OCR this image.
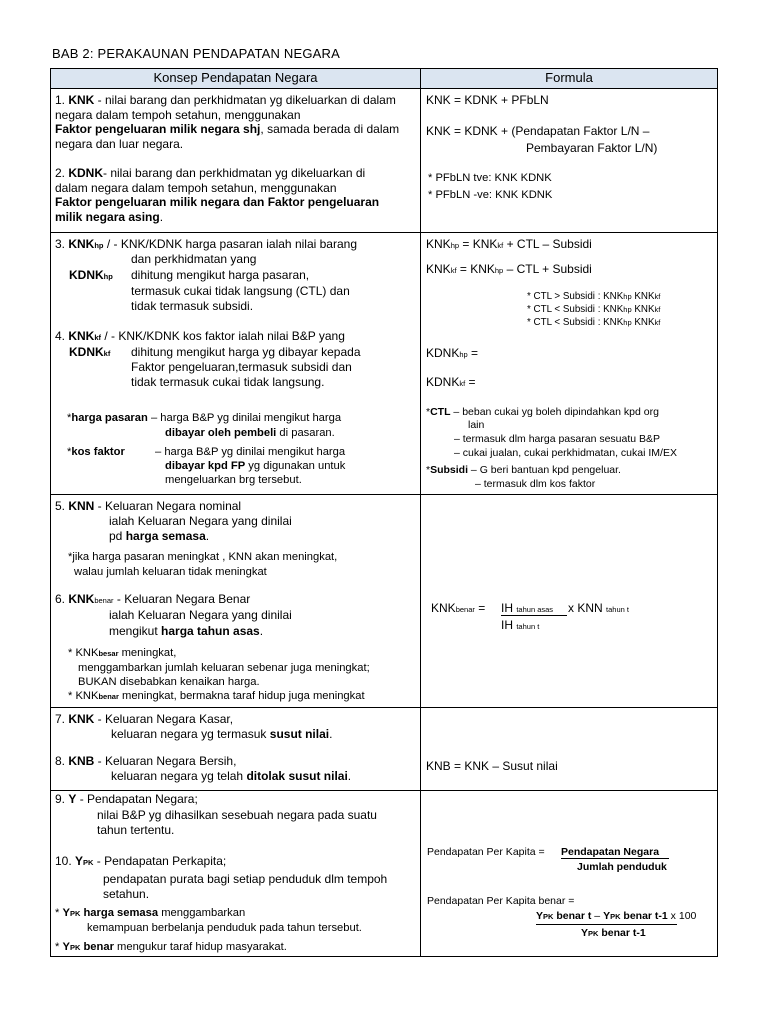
BAB 2: PERAKAUNAN PENDAPATAN NEGARA
Konsep Pendapatan Negara	Formula
1. KNK - nilai barang dan perkhidmatan yg dikeluarkan di dalam
negara dalam tempoh setahun, menggunakan
Faktor pengeluaran milik negara shj, samada berada di dalam
negara dan luar negara.
2. KDNK- nilai barang dan perkhidmatan yg dikeluarkan di
dalam negara dalam tempoh setahun, menggunakan
Faktor pengeluaran milik negara dan Faktor pengeluaran
milik negara asing.
3. KNKhp / - KNK/KDNK harga pasaran ialah nilai barang
dan perkhidmatan yang
KDNKhp dihitung mengikut harga pasaran,
termasuk cukai tidak langsung (CTL) dan
tidak termasuk subsidi.
4. KNKkf / - KNK/KDNK kos faktor ialah nilai B&P yang
KDNKkf dihitung mengikut harga yg dibayar kepada
Faktor pengeluaran,termasuk subsidi dan
tidak termasuk cukai tidak langsung.
*harga pasaran – harga B&P yg dinilai mengikut harga
dibayar oleh pembeli di pasaran.
*kos faktor	– harga B&P yg dinilai mengikut harga
dibayar kpd FP yg digunakan untuk
mengeluarkan brg tersebut.
5. KNN - Keluaran Negara nominal
ialah Keluaran Negara yang dinilai
pd harga semasa.
*jika harga pasaran meningkat , KNN akan meningkat,
walau jumlah keluaran tidak meningkat
6. KNKbenar - Keluaran Negara Benar
ialah Keluaran Negara yang dinilai
mengikut harga tahun asas.
* KNKbesar meningkat,
menggambarkan jumlah keluaran sebenar juga meningkat;
BUKAN disebabkan kenaikan harga.
* KNKbenar meningkat, bermakna taraf hidup juga meningkat
7. KNK - Keluaran Negara Kasar,
keluaran negara yg termasuk susut nilai.
8. KNB - Keluaran Negara Bersih,
keluaran negara yg telah ditolak susut nilai.
9. Y - Pendapatan Negara;
nilai B&P yg dihasilkan sesebuah negara pada suatu
tahun tertentu.
10. YPK - Pendapatan Perkapita;
pendapatan purata bagi setiap penduduk dlm tempoh
setahun.
* YPK harga semasa menggambarkan
kemampuan berbelanja penduduk pada tahun tersebut.
* YPK benar mengukur taraf hidup masyarakat.
KNK = KDNK + PFbLN
KNK = KDNK + (Pendapatan Faktor L/N –
Pembayaran Faktor L/N)
* PFbLN tve: KNK KDNK
* PFbLN -ve: KNK KDNK
KNKhp = KNKkf + CTL – Subsidi
KNKkf = KNKhp – CTL + Subsidi
* CTL > Subsidi : KNKhp KNKkf
* CTL < Subsidi : KNKhp KNKkf
* CTL < Subsidi : KNKhp KNKkf
KDNKhp =
KDNKkf =
*CTL – beban cukai yg boleh dipindahkan kpd org
lain
– termasuk dlm harga pasaran sesuatu B&P
– cukai jualan, cukai perkhidmatan, cukai IM/EX
*Subsidi – G beri bantuan kpd pengeluar.
– termasuk dlm kos faktor
KNKbenar = IH tahun asas x KNN tahun t
IH tahun t
KNB = KNK – Susut nilai
Pendapatan Per Kapita = Pendapatan Negara
Jumlah penduduk
Pendapatan Per Kapita benar =
YPK benar t – YPK benar t-1 x 100
YPK benar t-1
